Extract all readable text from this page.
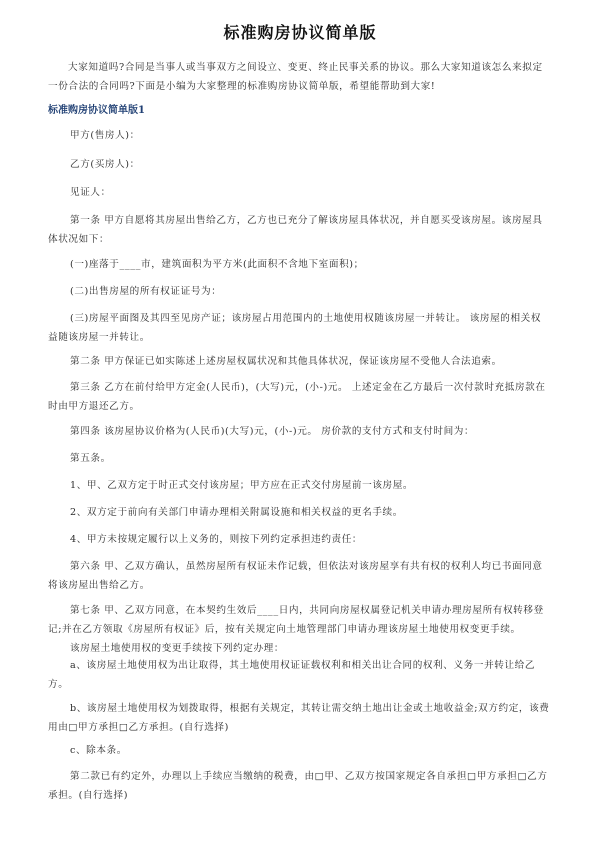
标准购房协议简单版
大家知道吗?合同是当事人或当事双方之间设立、变更、终止民事关系的协议。那么大家知道该怎么来拟定一份合法的合同吗?下面是小编为大家整理的标准购房协议简单版，希望能帮助到大家!
标准购房协议简单版1
甲方(售房人)：
乙方(买房人)：
见证人：
第一条 甲方自愿将其房屋出售给乙方，乙方也已充分了解该房屋具体状况，并自愿买受该房屋。该房屋具体状况如下：
(一)座落于____市，建筑面积为平方米(此面积不含地下室面积)；
(二)出售房屋的所有权证证号为：
(三)房屋平面图及其四至见房产证；该房屋占用范围内的土地使用权随该房屋一并转让。 该房屋的相关权益随该房屋一并转让。
第二条 甲方保证已如实陈述上述房屋权属状况和其他具体状况，保证该房屋不受他人合法追索。
第三条 乙方在前付给甲方定金(人民币)，(大写)元，(小-)元。 上述定金在乙方最后一次付款时充抵房款在时由甲方退还乙方。
第四条 该房屋协议价格为(人民币)(大写)元，(小-)元。 房价款的支付方式和支付时间为：
第五条。
1、甲、乙双方定于时正式交付该房屋；甲方应在正式交付房屋前一该房屋。
2、双方定于前向有关部门申请办理相关附属设施和相关权益的更名手续。
4、甲方未按规定履行以上义务的，则按下列约定承担违约责任：
第六条 甲、乙双方确认，虽然房屋所有权证未作记载，但依法对该房屋享有共有权的权利人均已书面同意将该房屋出售给乙方。
第七条 甲、乙双方同意，在本契约生效后____日内，共同向房屋权属登记机关申请办理房屋所有权转移登记;并在乙方领取《房屋所有权证》后，按有关规定向土地管理部门申请办理该房屋土地使用权变更手续。
该房屋土地使用权的变更手续按下列约定办理：
a、该房屋土地使用权为出让取得，其土地使用权证证载权利和相关出让合同的权利、义务一并转让给乙方。
b、该房屋土地使用权为划拨取得，根据有关规定，其转让需交纳土地出让金或土地收益金;双方约定，该费用由□甲方承担□乙方承担。(自行选择)
c、除本条。
第二款已有约定外，办理以上手续应当缴纳的税费，由□甲、乙双方按国家规定各自承担□甲方承担□乙方承担。(自行选择)
